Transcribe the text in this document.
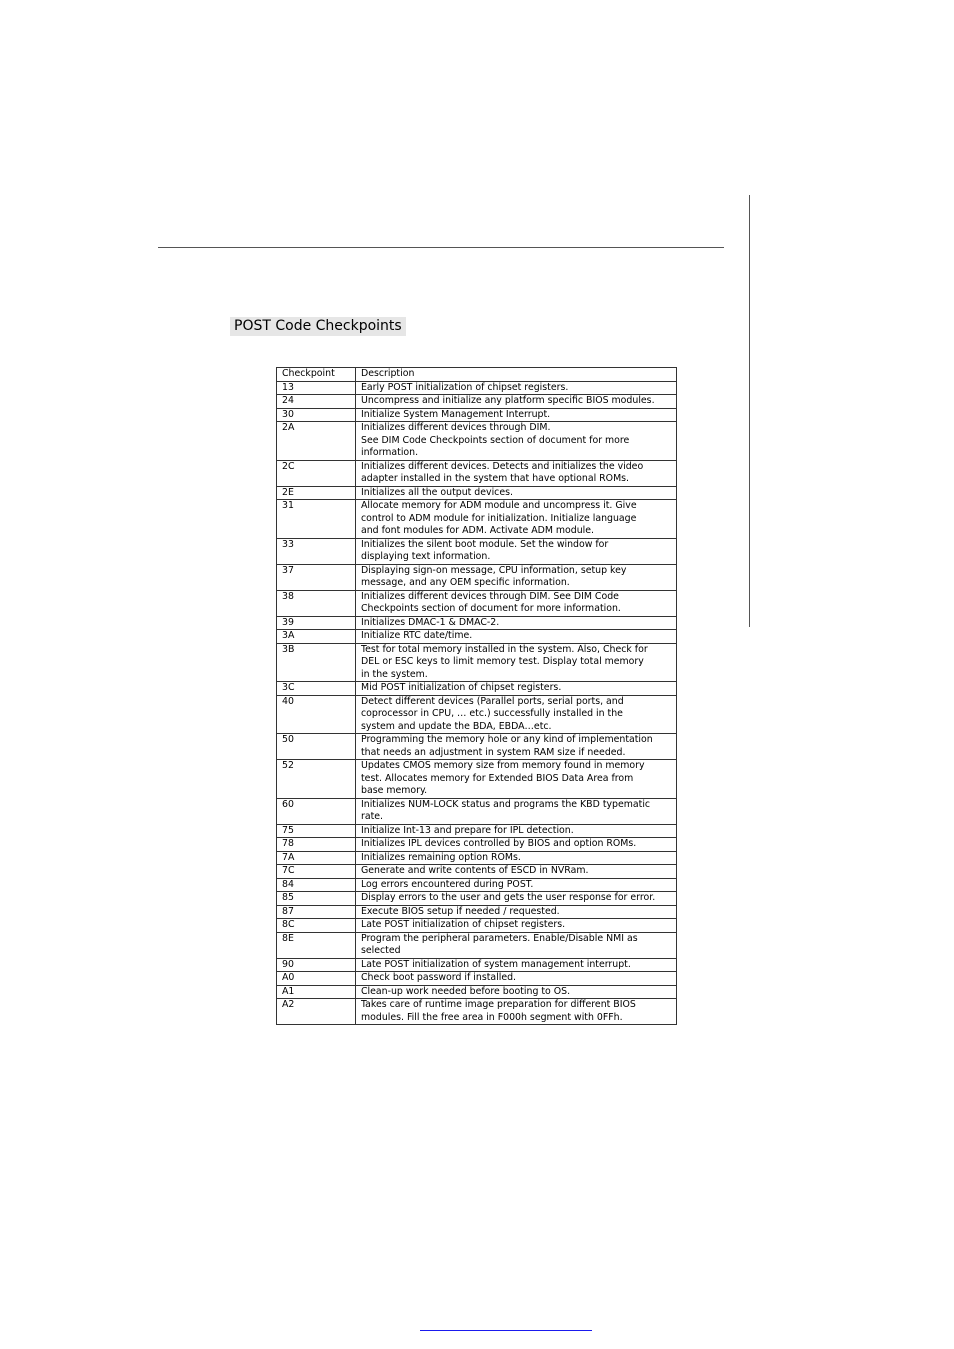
POST Code Checkpoints
Checkpoint	Description
13	Early POST initialization of chipset registers.

24	Uncompress and initialize any platform specific BIOS modules.

30	Initialize System Management Interrupt.

2A	Initializes different devices through DIM.
See DIM Code Checkpoints section of document for more
information.

2C	Initializes different devices. Detects and initializes the video
adapter installed in the system that have optional ROMs.

2E	Initializes all the output devices.

31	Allocate memory for ADM module and uncompress it. Give
control to ADM module for initialization. Initialize language
and font modules for ADM. Activate ADM module.

33	Initializes the silent boot module. Set the window for
displaying text information.

37	Displaying sign-on message, CPU information, setup key
message, and any OEM specific information.

38	Initializes different devices through DIM. See DIM Code
Checkpoints section of document for more information.

39	Initializes DMAC-1 & DMAC-2.

3A	Initialize RTC date/time.

3B	Test for total memory installed in the system. Also, Check for
DEL or ESC keys to limit memory test. Display total memory
in the system.

3C	Mid POST initialization of chipset registers.

40	Detect different devices (Parallel ports, serial ports, and
coprocessor in CPU, … etc.) successfully installed in the
system and update the BDA, EBDA…etc.

50	Programming the memory hole or any kind of implementation
that needs an adjustment in system RAM size if needed.

52	Updates CMOS memory size from memory found in memory
test. Allocates memory for Extended BIOS Data Area from
base memory.

60	Initializes NUM-LOCK status and programs the KBD typematic
rate.

75	Initialize Int-13 and prepare for IPL detection.

78	Initializes IPL devices controlled by BIOS and option ROMs.

7A	Initializes remaining option ROMs.

7C	Generate and write contents of ESCD in NVRam.

84	Log errors encountered during POST.

85	Display errors to the user and gets the user response for error.

87	Execute BIOS setup if needed / requested.

8C	Late POST initialization of chipset registers.

8E	Program the peripheral parameters. Enable/Disable NMI as
selected

90	Late POST initialization of system management interrupt.

A0	Check boot password if installed.

A1	Clean-up work needed before booting to OS.

A2	Takes care of runtime image preparation for different BIOS
modules. Fill the free area in F000h segment with 0FFh.
